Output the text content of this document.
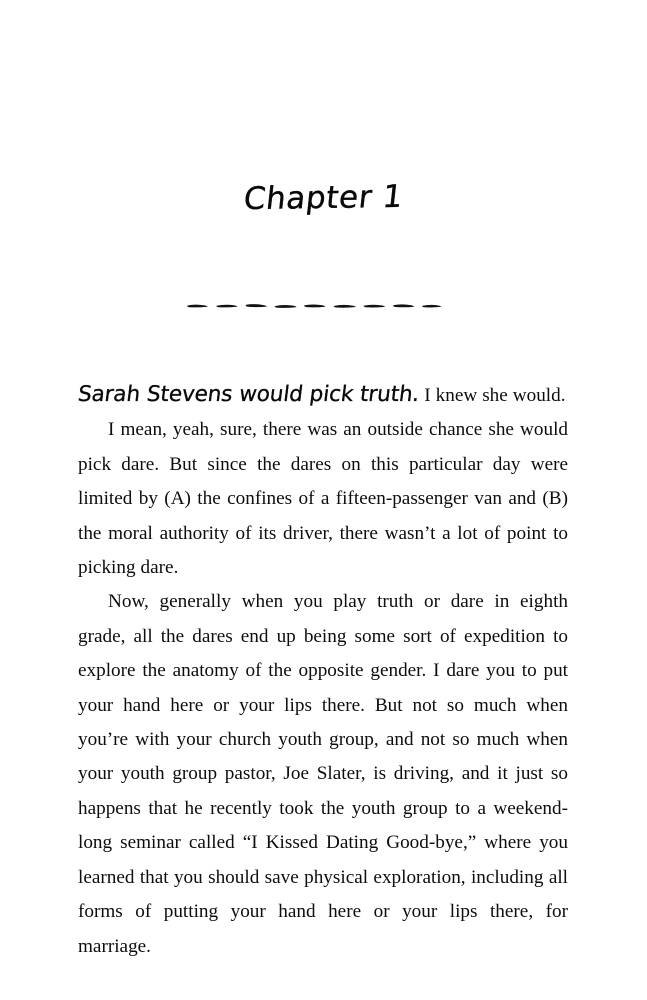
Chapter 1

Sarah Stevens would pick truth. I knew she would.

I mean, yeah, sure, there was an outside chance she would pick dare. But since the dares on this particular day were limited by (A) the confines of a fifteen-passenger van and (B) the moral authority of its driver, there wasn’t a lot of point to picking dare.

Now, generally when you play truth or dare in eighth grade, all the dares end up being some sort of expedition to explore the anatomy of the opposite gender. I dare you to put your hand here or your lips there. But not so much when you’re with your church youth group, and not so much when your youth group pastor, Joe Slater, is driving, and it just so happens that he recently took the youth group to a weekend-long seminar called “I Kissed Dating Good-bye,” where you learned that you should save physical exploration, including all forms of putting your hand here or your lips there, for marriage.
